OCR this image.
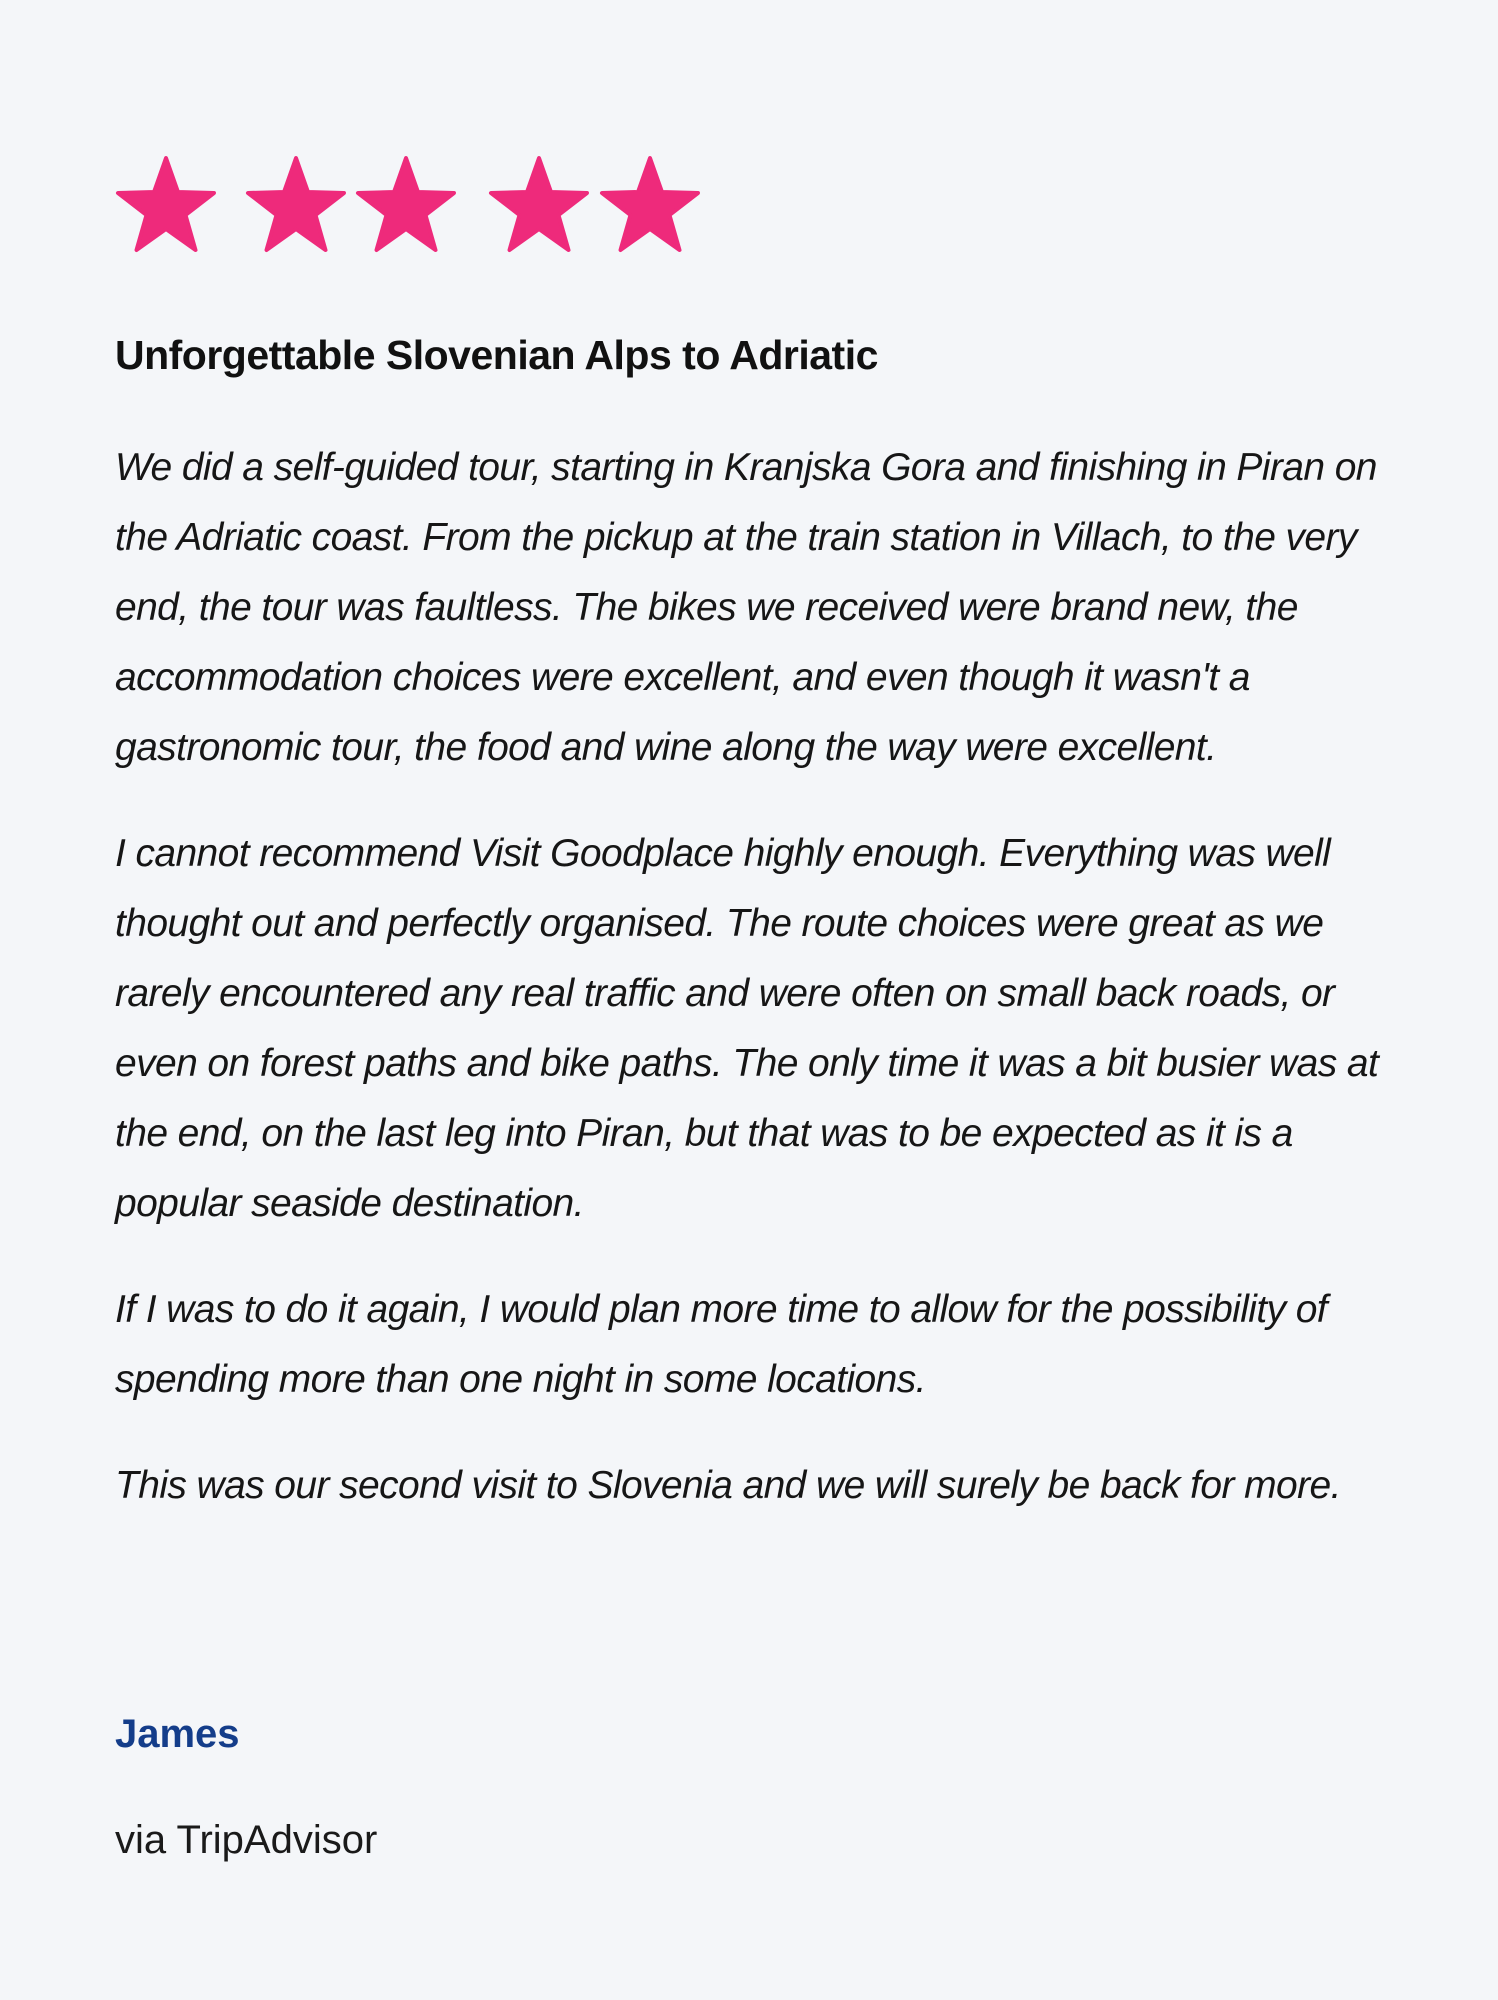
Unforgettable Slovenian Alps to Adriatic

We did a self-guided tour, starting in Kranjska Gora and finishing in Piran on the Adriatic coast. From the pickup at the train station in Villach, to the very end, the tour was faultless. The bikes we received were brand new, the accommodation choices were excellent, and even though it wasn't a gastronomic tour, the food and wine along the way were excellent.

I cannot recommend Visit Goodplace highly enough. Everything was well thought out and perfectly organised. The route choices were great as we rarely encountered any real traffic and were often on small back roads, or even on forest paths and bike paths. The only time it was a bit busier was at the end, on the last leg into Piran, but that was to be expected as it is a popular seaside destination.

If I was to do it again, I would plan more time to allow for the possibility of spending more than one night in some locations.

This was our second visit to Slovenia and we will surely be back for more.

James
via TripAdvisor
